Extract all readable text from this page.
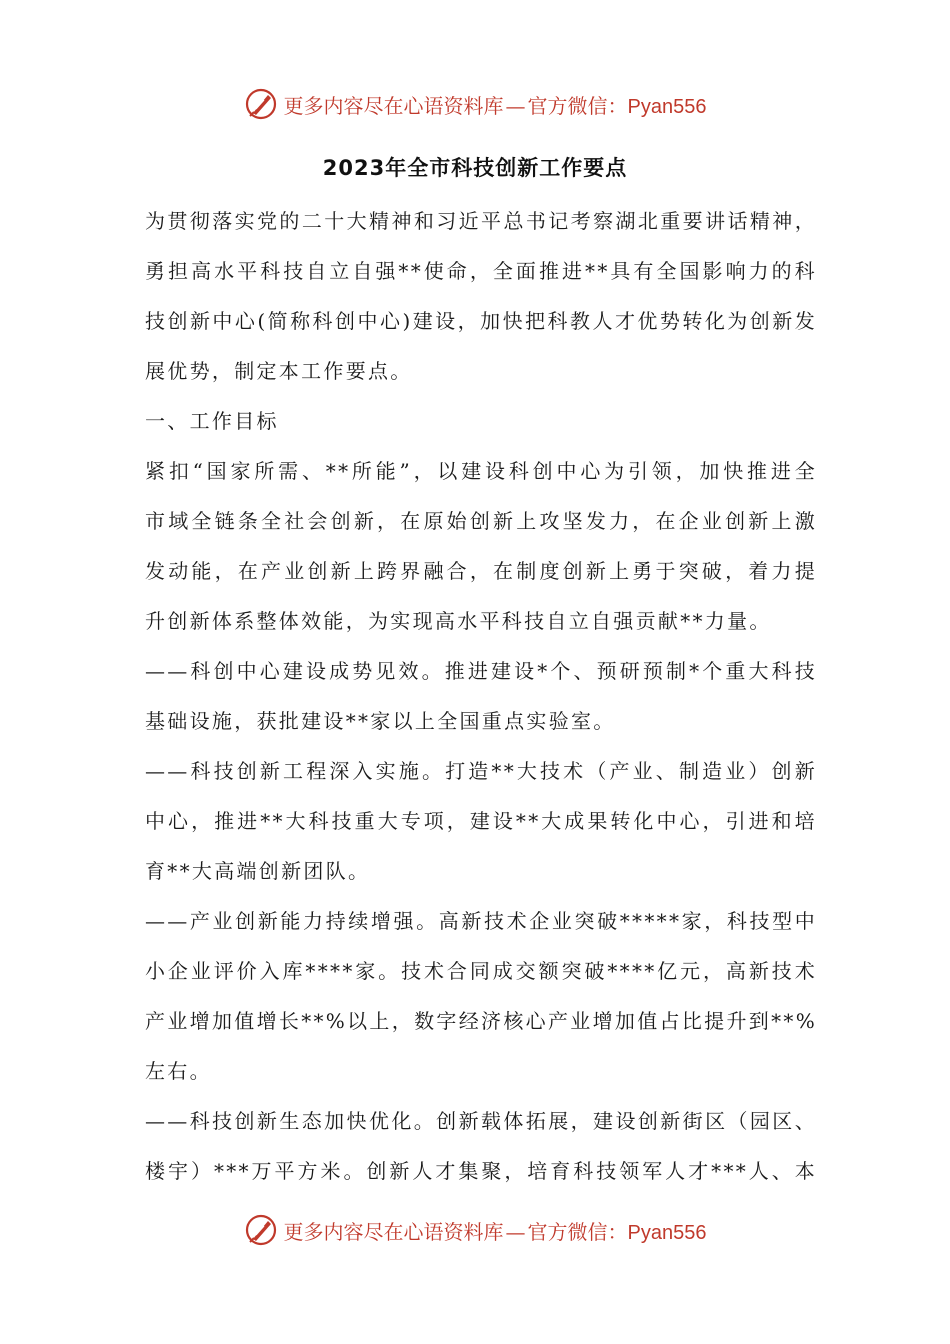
更多内容尽在心语资料库 — 官方微信：Pyan556
2023年全市科技创新工作要点
为贯彻落实党的二十大精神和习近平总书记考察湖北重要讲话精神，
勇担高水平科技自立自强**使命，全面推进**具有全国影响力的科
技创新中心(简称科创中心)建设，加快把科教人才优势转化为创新发
展优势，制定本工作要点。
一、工作目标
紧扣“国家所需、**所能”，以建设科创中心为引领，加快推进全
市域全链条全社会创新，在原始创新上攻坚发力，在企业创新上激
发动能，在产业创新上跨界融合，在制度创新上勇于突破，着力提
升创新体系整体效能，为实现高水平科技自立自强贡献**力量。
——科创中心建设成势见效。推进建设*个、预研预制*个重大科技
基础设施，获批建设**家以上全国重点实验室。
——科技创新工程深入实施。打造**大技术（产业、制造业）创新
中心，推进**大科技重大专项，建设**大成果转化中心，引进和培
育**大高端创新团队。
——产业创新能力持续增强。高新技术企业突破*****家，科技型中
小企业评价入库****家。技术合同成交额突破****亿元，高新技术
产业增加值增长**%以上，数字经济核心产业增加值占比提升到**%
左右。
——科技创新生态加快优化。创新载体拓展，建设创新街区（园区、
楼宇）***万平方米。创新人才集聚，培育科技领军人才***人、本
更多内容尽在心语资料库 — 官方微信：Pyan556
